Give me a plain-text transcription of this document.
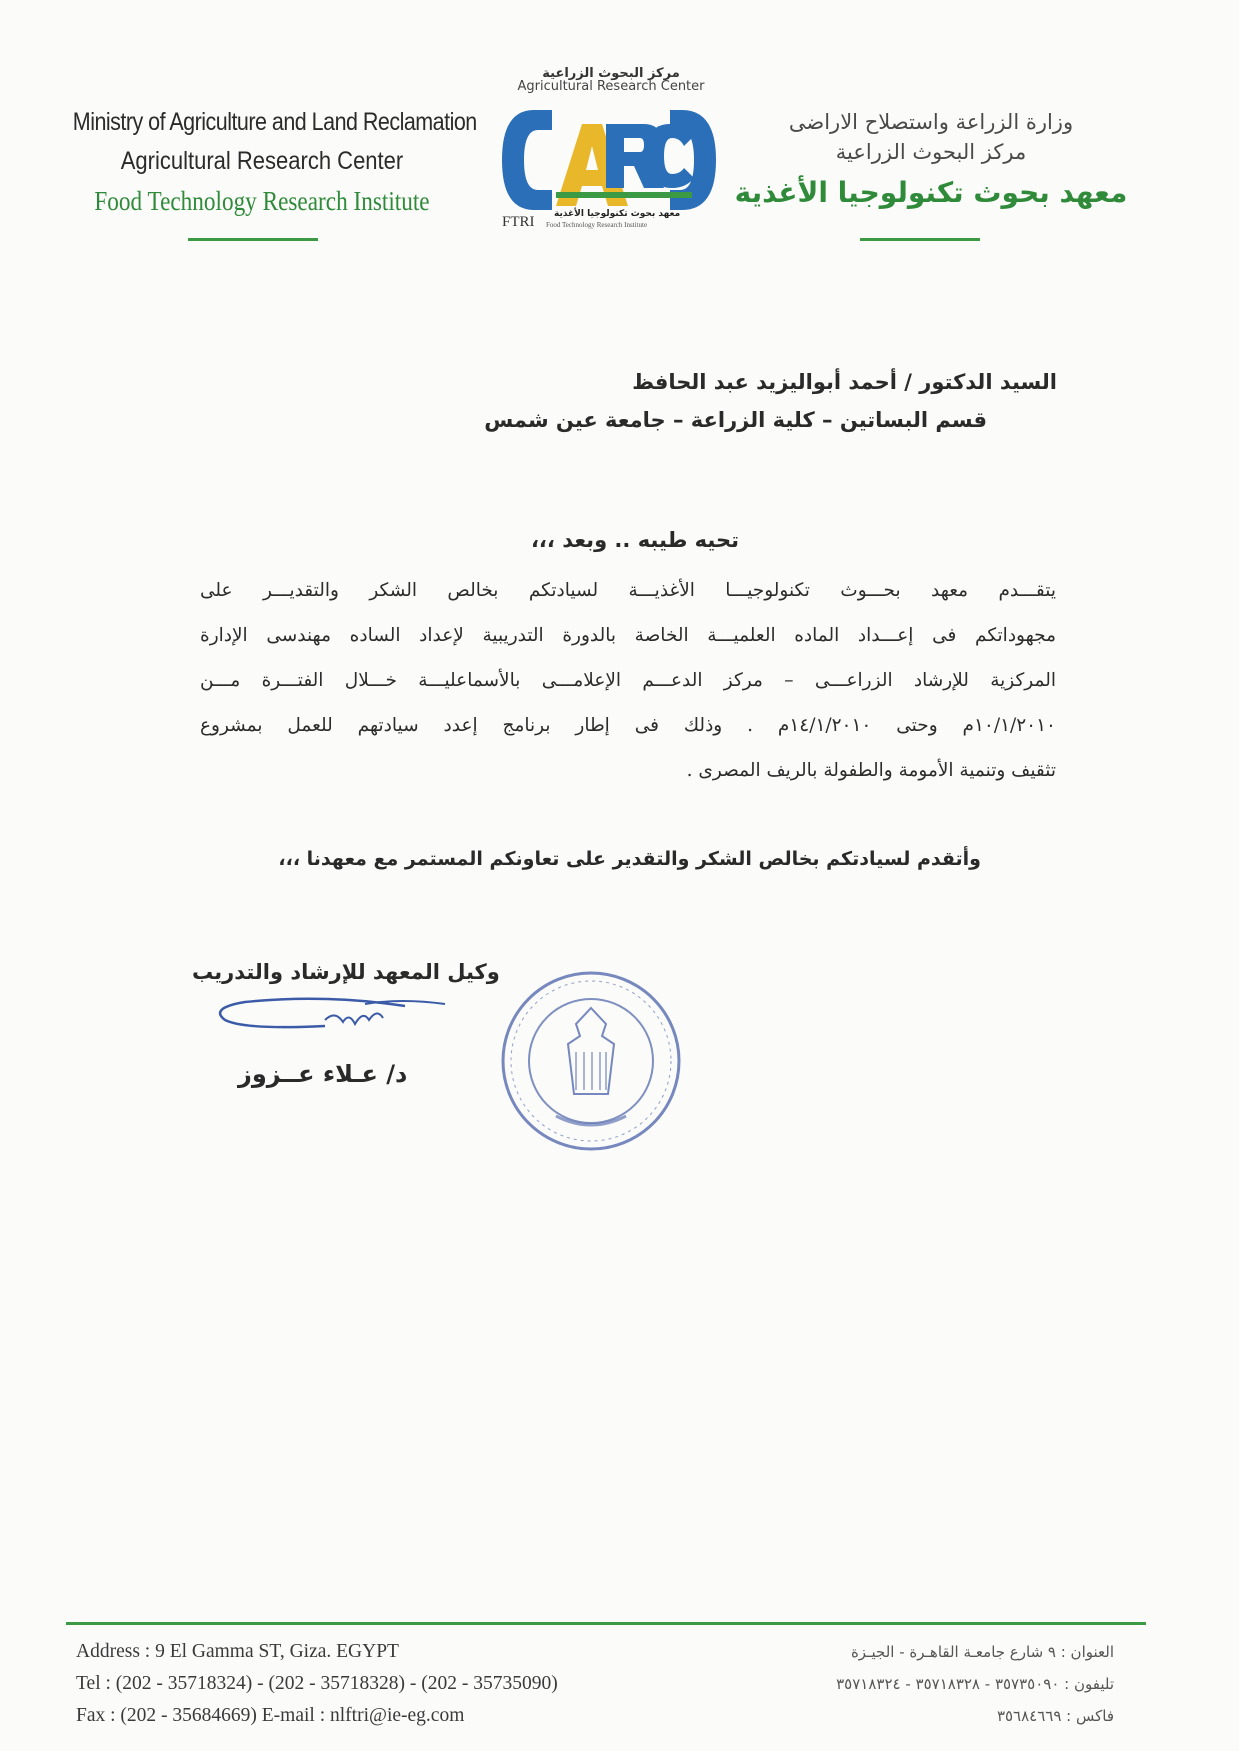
Ministry of Agriculture and Land Reclamation
Agricultural Research Center
Food Technology Research Institute
مركز البحوث الزراعية
Agricultural Research Center
معهد بحوث تكنولوجيا الأغذية
FTRI Food Technology Research Institute
وزارة الزراعة واستصلاح الاراضى
مركز البحوث الزراعية
معهد بحوث تكنولوجيا الأغذية
السيد الدكتور / أحمد أبواليزيد عبد الحافظ
قسم البساتين – كلية الزراعة – جامعة عين شمس
تحيه طيبه .. وبعد ،،،
يتقـــدم معهد بحـــوث تكنولوجيـــا الأغذيـــة لسيادتكم بخالص الشكر والتقديـــر على
مجهوداتكم فى إعـــداد الماده العلميـــة الخاصة بالدورة التدريبية لإعداد الساده مهندسى الإدارة
المركزية للإرشاد الزراعـــى – مركز الدعـــم الإعلامـــى بالأسماعليـــة خـــلال الفتـــرة مـــن
١٠/١/٢٠١٠م وحتى ١٤/١/٢٠١٠م . وذلك فى إطار برنامج إعدد سيادتهم للعمل بمشروع
تثقيف وتنمية الأمومة والطفولة بالريف المصرى .
وأتقدم لسيادتكم بخالص الشكر والتقدير على تعاونكم المستمر مع معهدنا ،،،
وكيل المعهد للإرشاد والتدريب
د/ عـلاء عــزوز
Address : 9 El Gamma ST, Giza. EGYPT
Tel : (202 - 35718324) - (202 - 35718328) - (202 - 35735090)
Fax : (202 - 35684669) E-mail : nlftri@ie-eg.com
العنوان : ٩ شارع جامعـة القاهـرة - الجيـزة
تليفون : ٣٥٧٣٥٠٩٠ - ٣٥٧١٨٣٢٨ - ٣٥٧١٨٣٢٤
فاكس : ٣٥٦٨٤٦٦٩
